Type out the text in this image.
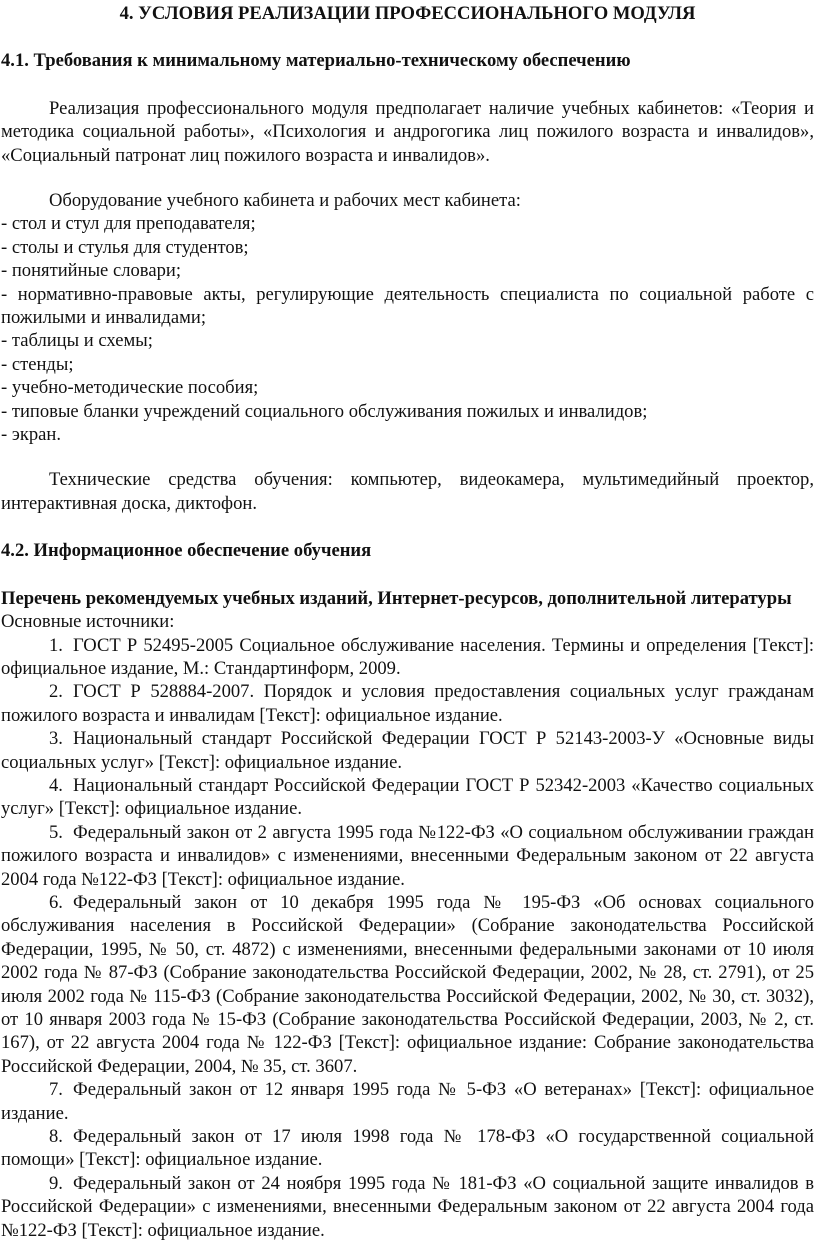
4. УСЛОВИЯ РЕАЛИЗАЦИИ ПРОФЕССИОНАЛЬНОГО МОДУЛЯ

4.1. Требования к минимальному материально-техническому обеспечению

Реализация профессионального модуля предполагает наличие учебных кабинетов: «Теория и методика социальной работы», «Психология и андрогогика лиц пожилого возраста и инвалидов», «Социальный патронат лиц пожилого возраста и инвалидов».

Оборудование учебного кабинета и рабочих мест кабинета:

- стол и стул для преподавателя;

- столы и стулья для студентов;

- понятийные словари;

- нормативно-правовые акты, регулирующие деятельность специалиста по социальной работе с пожилыми и инвалидами;

- таблицы и схемы;

- стенды;

- учебно-методические пособия;

- типовые бланки учреждений социального обслуживания пожилых и инвалидов;

- экран.

Технические средства обучения: компьютер, видеокамера, мультимедийный проектор, интерактивная доска, диктофон.

4.2. Информационное обеспечение обучения

Перечень рекомендуемых учебных изданий, Интернет-ресурсов, дополнительной литературы

Основные источники:

1. ГОСТ Р 52495-2005 Социальное обслуживание населения. Термины и определения [Текст]: официальное издание, М.: Стандартинформ, 2009.
2. ГОСТ Р 528884-2007. Порядок и условия предоставления социальных услуг гражданам пожилого возраста и инвалидам [Текст]: официальное издание.
3. Национальный стандарт Российской Федерации ГОСТ Р 52143-2003-У «Основные виды социальных услуг» [Текст]: официальное издание.
4. Национальный стандарт Российской Федерации ГОСТ Р 52342-2003 «Качество социальных услуг» [Текст]: официальное издание.
5. Федеральный закон от 2 августа 1995 года №122-ФЗ «О социальном обслуживании граждан пожилого возраста и инвалидов» с изменениями, внесенными Федеральным законом от 22 августа 2004 года №122-ФЗ [Текст]: официальное издание.
6. Федеральный закон от 10 декабря 1995 года № 195-ФЗ «Об основах социального обслуживания населения в Российской Федерации» (Собрание законодательства Российской Федерации, 1995, № 50, ст. 4872) с изменениями, внесенными федеральными законами от 10 июля 2002 года № 87-ФЗ (Собрание законодательства Российской Федерации, 2002, № 28, ст. 2791), от 25 июля 2002 года № 115-ФЗ (Собрание законодательства Российской Федерации, 2002, № 30, ст. 3032), от 10 января 2003 года № 15-ФЗ (Собрание законодательства Российской Федерации, 2003, № 2, ст. 167), от 22 августа 2004 года № 122-ФЗ [Текст]: официальное издание: Собрание законодательства Российской Федерации, 2004, № 35, ст. 3607.
7. Федеральный закон от 12 января 1995 года № 5-ФЗ «О ветеранах» [Текст]: официальное издание.
8. Федеральный закон от 17 июля 1998 года № 178-ФЗ «О государственной социальной помощи» [Текст]: официальное издание.
9. Федеральный закон от 24 ноября 1995 года № 181-ФЗ «О социальной защите инвалидов в Российской Федерации» с изменениями, внесенными Федеральным законом от 22 августа 2004 года №122-ФЗ [Текст]: официальное издание.
